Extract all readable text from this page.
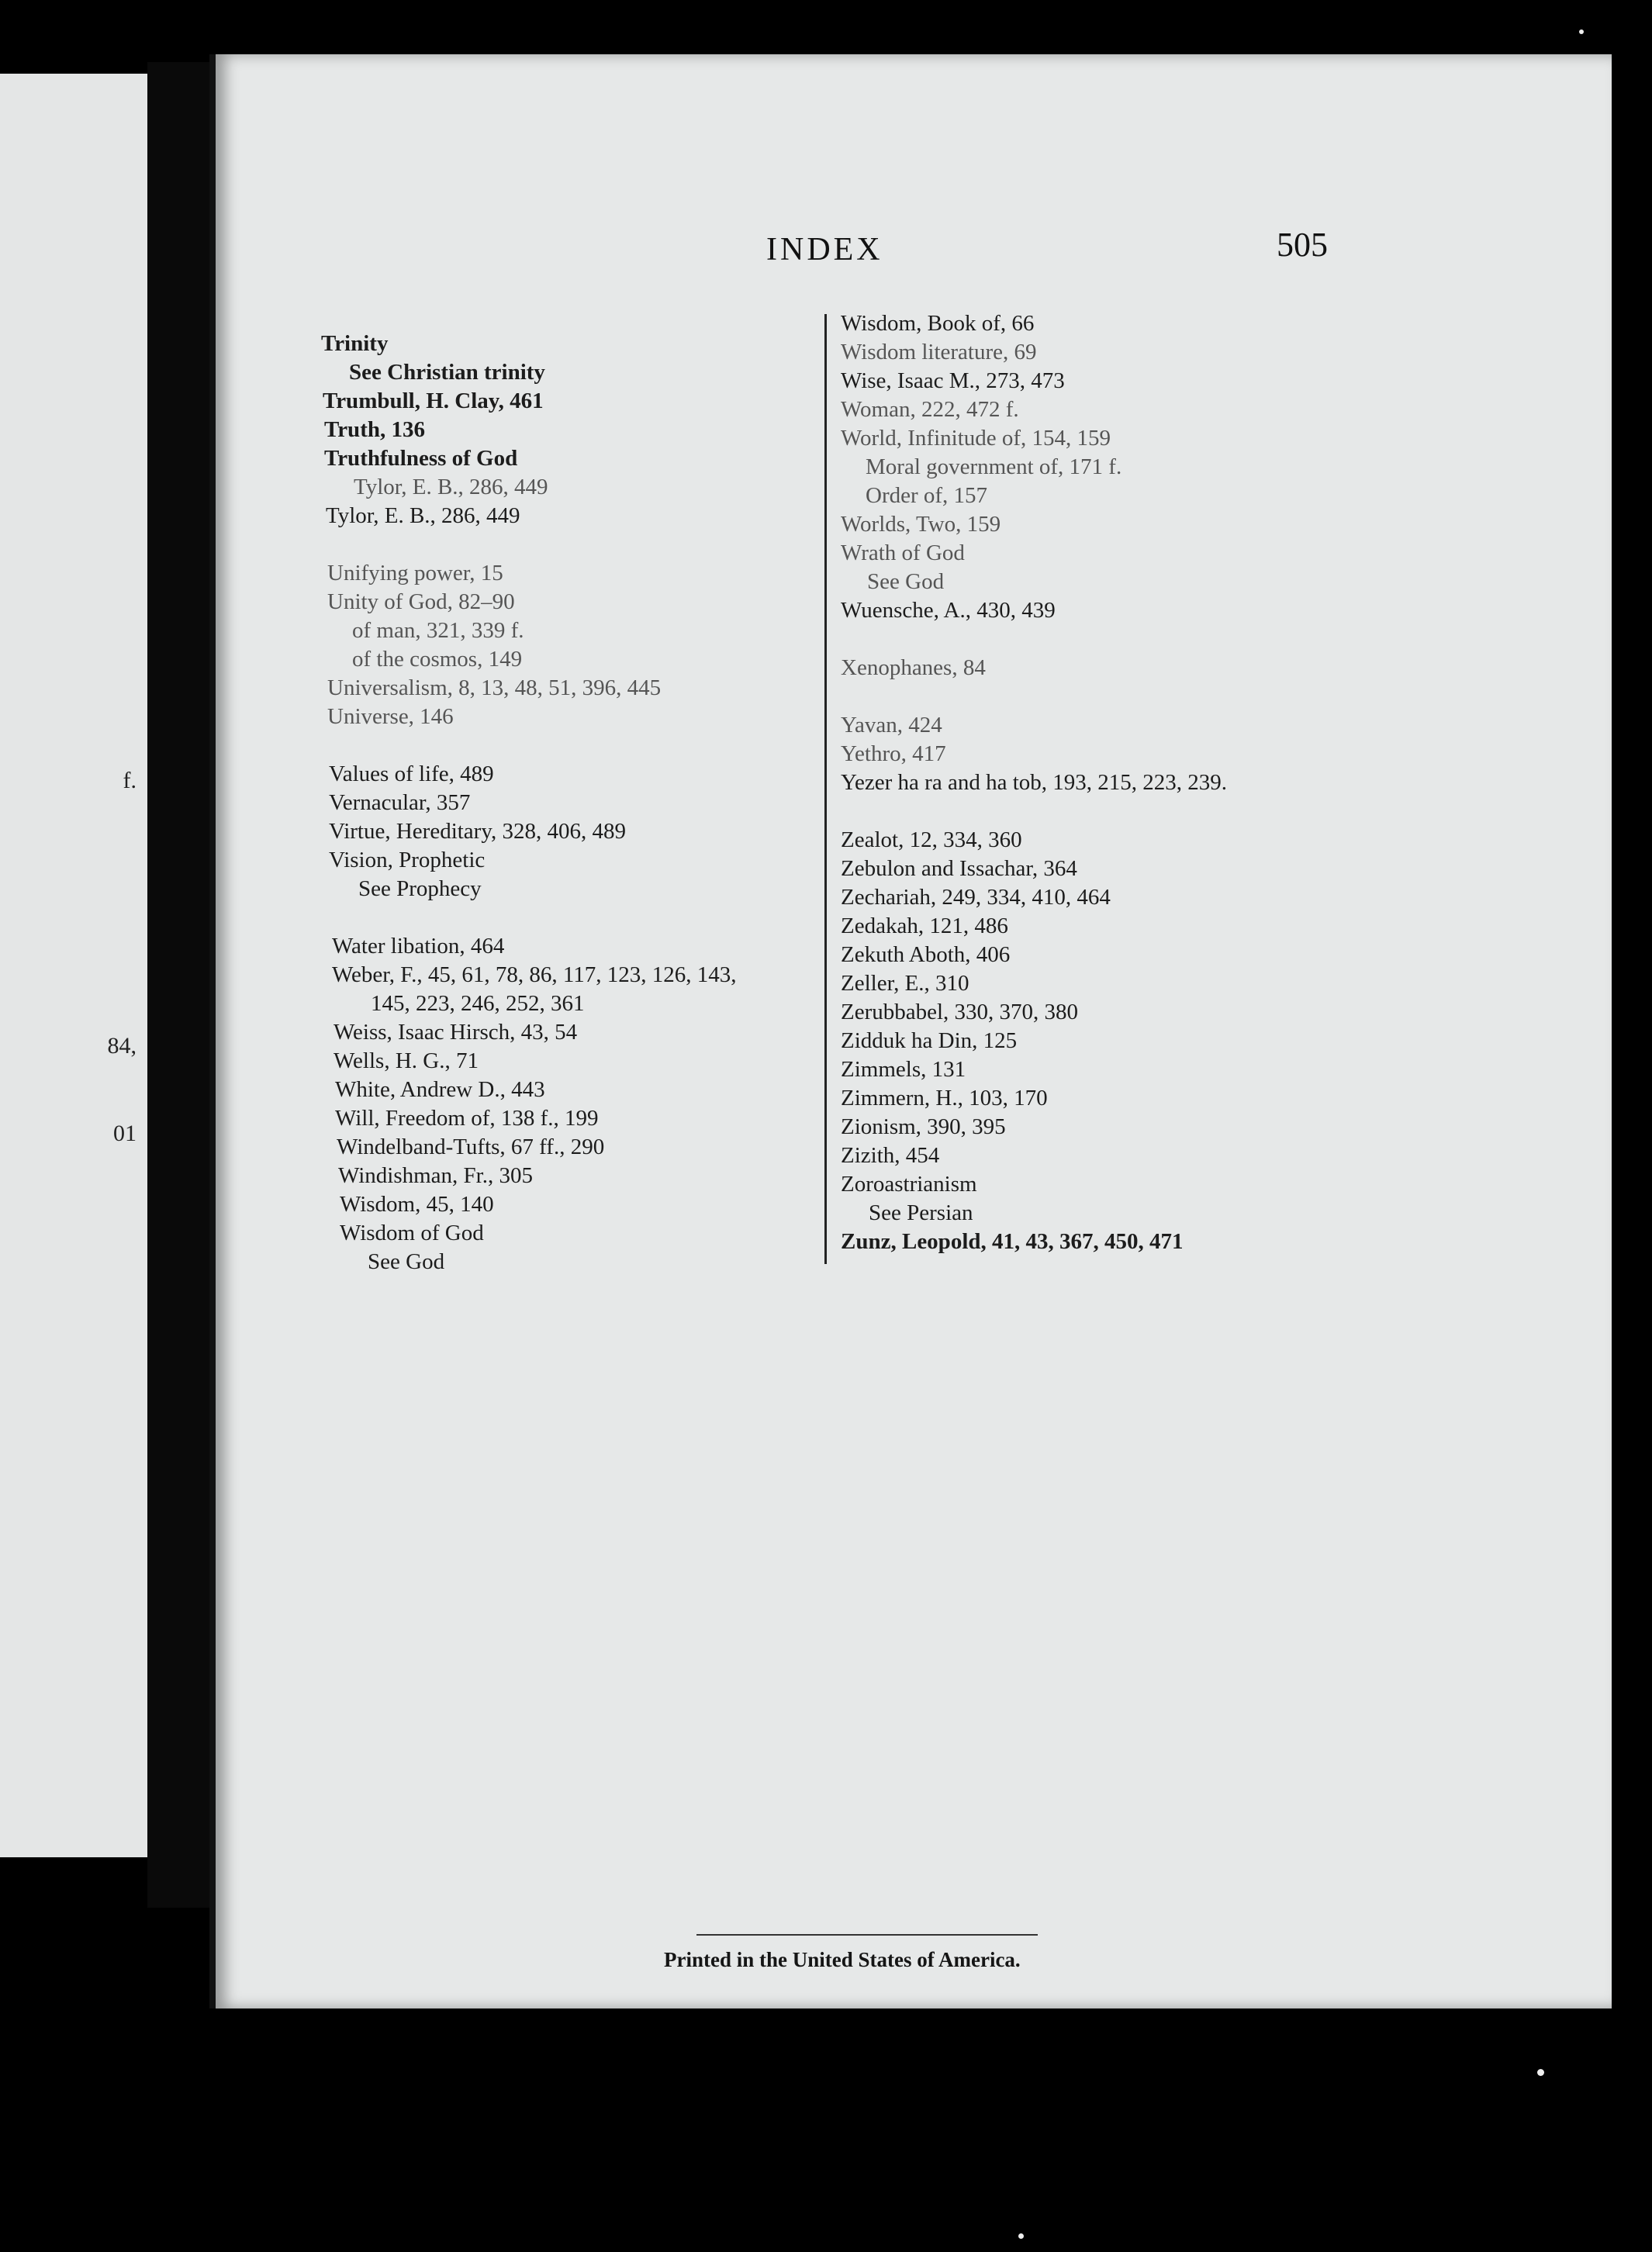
f.
84,
01
INDEX	505
Trinity
See Christian trinity
Trumbull, H. Clay, 461
Truth, 136
Truthfulness of God
Tylor, E. B., 286, 449
Tylor, E. B., 286, 449
Unifying power, 15
Unity of God, 82–90
of man, 321, 339 f.
of the cosmos, 149
Universalism, 8, 13, 48, 51, 396, 445
Universe, 146
Values of life, 489
Vernacular, 357
Virtue, Hereditary, 328, 406, 489
Vision, Prophetic
See Prophecy
Water libation, 464
Weber, F., 45, 61, 78, 86, 117, 123, 126, 143,
145, 223, 246, 252, 361
Weiss, Isaac Hirsch, 43, 54
Wells, H. G., 71
White, Andrew D., 443
Will, Freedom of, 138 f., 199
Windelband-Tufts, 67 ff., 290
Windishman, Fr., 305
Wisdom, 45, 140
Wisdom of God
See God
Wisdom, Book of, 66
Wisdom literature, 69
Wise, Isaac M., 273, 473
Woman, 222, 472 f.
World, Infinitude of, 154, 159
Moral government of, 171 f.
Order of, 157
Worlds, Two, 159
Wrath of God
See God
Wuensche, A., 430, 439
Xenophanes, 84
Yavan, 424
Yethro, 417
Yezer ha ra and ha tob, 193, 215, 223, 239.
Zealot, 12, 334, 360
Zebulon and Issachar, 364
Zechariah, 249, 334, 410, 464
Zedakah, 121, 486
Zekuth Aboth, 406
Zeller, E., 310
Zerubbabel, 330, 370, 380
Zidduk ha Din, 125
Zimmels, 131
Zimmern, H., 103, 170
Zionism, 390, 395
Zizith, 454
Zoroastrianism
See Persian
Zunz, Leopold, 41, 43, 367, 450, 471
Printed in the United States of America.
